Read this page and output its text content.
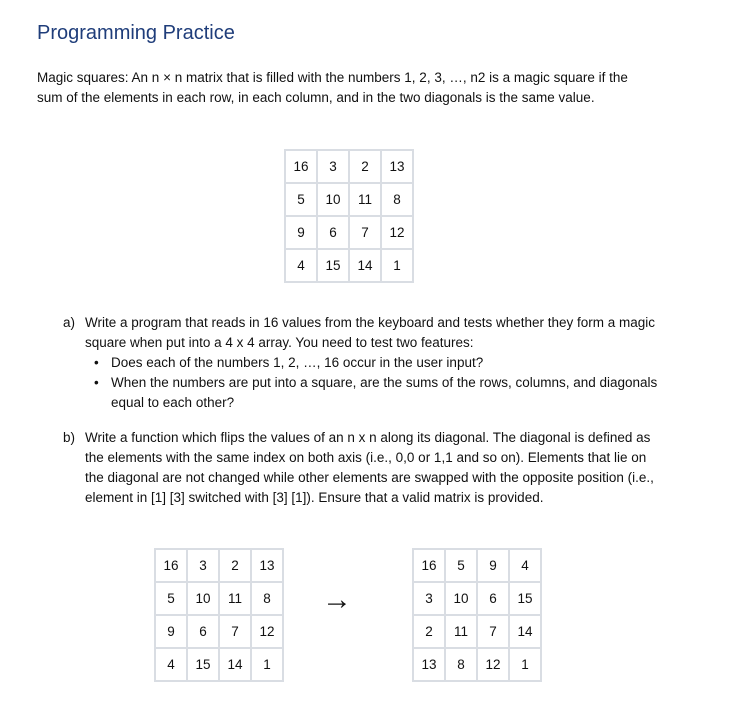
Programming Practice
Magic squares: An n × n matrix that is filled with the numbers 1, 2, 3, …, n2 is a magic square if the sum of the elements in each row, in each column, and in the two diagonals is the same value.
16	3	2	13
5	10	11	8
9	6	7	12
4	15	14	1
a) Write a program that reads in 16 values from the keyboard and tests whether they form a magic square when put into a 4 x 4 array. You need to test two features:
• Does each of the numbers 1, 2, …, 16 occur in the user input?
• When the numbers are put into a square, are the sums of the rows, columns, and diagonals equal to each other?
b) Write a function which flips the values of an n x n along its diagonal. The diagonal is defined as the elements with the same index on both axis (i.e., 0,0 or 1,1 and so on). Elements that lie on the diagonal are not changed while other elements are swapped with the opposite position (i.e., element in [1] [3] switched with [3] [1]). Ensure that a valid matrix is provided.
16	3	2	13
5	10	11	8
9	6	7	12
4	15	14	1
→
16	5	9	4
3	10	6	15
2	11	7	14
13	8	12	1
